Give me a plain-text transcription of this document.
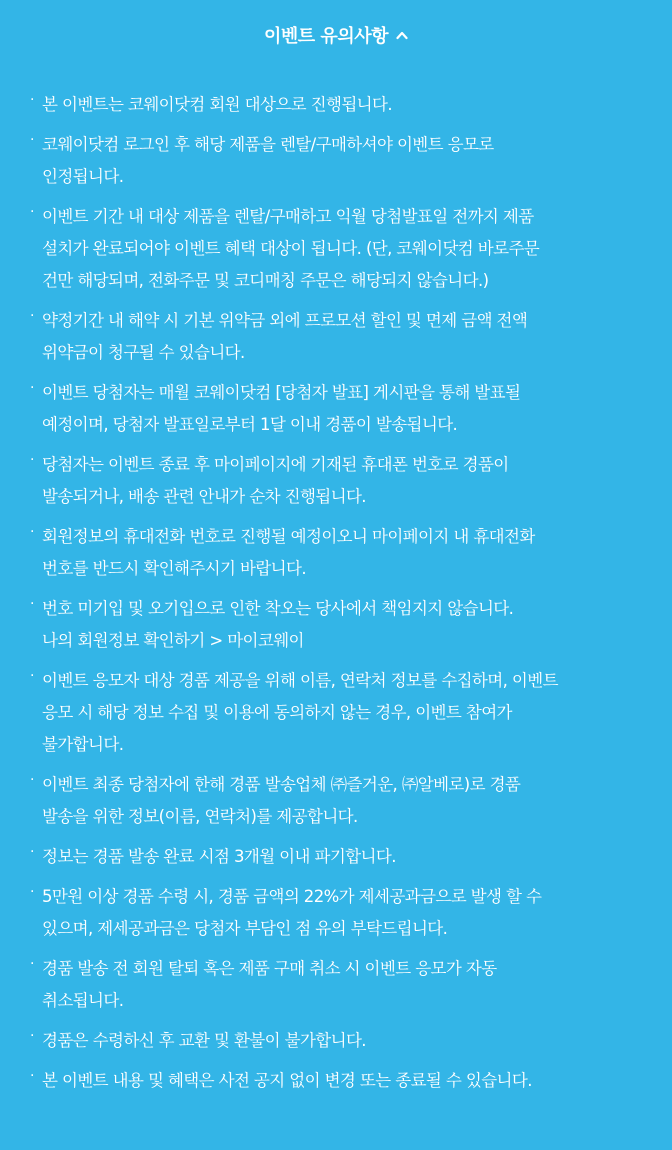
이벤트 유의사항
· 본 이벤트는 코웨이닷컴 회원 대상으로 진행됩니다.
· 코웨이닷컴 로그인 후 해당 제품을 렌탈/구매하셔야 이벤트 응모로
인정됩니다.
· 이벤트 기간 내 대상 제품을 렌탈/구매하고 익월 당첨발표일 전까지 제품
설치가 완료되어야 이벤트 혜택 대상이 됩니다. (단, 코웨이닷컴 바로주문
건만 해당되며, 전화주문 및 코디매칭 주문은 해당되지 않습니다.)
· 약정기간 내 해약 시 기본 위약금 외에 프로모션 할인 및 면제 금액 전액
위약금이 청구될 수 있습니다.
· 이벤트 당첨자는 매월 코웨이닷컴 [당첨자 발표] 게시판을 통해 발표될
예정이며, 당첨자 발표일로부터 1달 이내 경품이 발송됩니다.
· 당첨자는 이벤트 종료 후 마이페이지에 기재된 휴대폰 번호로 경품이
발송되거나, 배송 관련 안내가 순차 진행됩니다.
· 회원정보의 휴대전화 번호로 진행될 예정이오니 마이페이지 내 휴대전화
번호를 반드시 확인해주시기 바랍니다.
· 번호 미기입 및 오기입으로 인한 착오는 당사에서 책임지지 않습니다.
나의 회원정보 확인하기 > 마이코웨이
· 이벤트 응모자 대상 경품 제공을 위해 이름, 연락처 정보를 수집하며, 이벤트
응모 시 해당 정보 수집 및 이용에 동의하지 않는 경우, 이벤트 참여가
불가합니다.
· 이벤트 최종 당첨자에 한해 경품 발송업체 ㈜즐거운, ㈜알베로)로 경품
발송을 위한 정보(이름, 연락처)를 제공합니다.
· 정보는 경품 발송 완료 시점 3개월 이내 파기합니다.
· 5만원 이상 경품 수령 시, 경품 금액의 22%가 제세공과금으로 발생 할 수
있으며, 제세공과금은 당첨자 부담인 점 유의 부탁드립니다.
· 경품 발송 전 회원 탈퇴 혹은 제품 구매 취소 시 이벤트 응모가 자동
취소됩니다.
· 경품은 수령하신 후 교환 및 환불이 불가합니다.
· 본 이벤트 내용 및 혜택은 사전 공지 없이 변경 또는 종료될 수 있습니다.
